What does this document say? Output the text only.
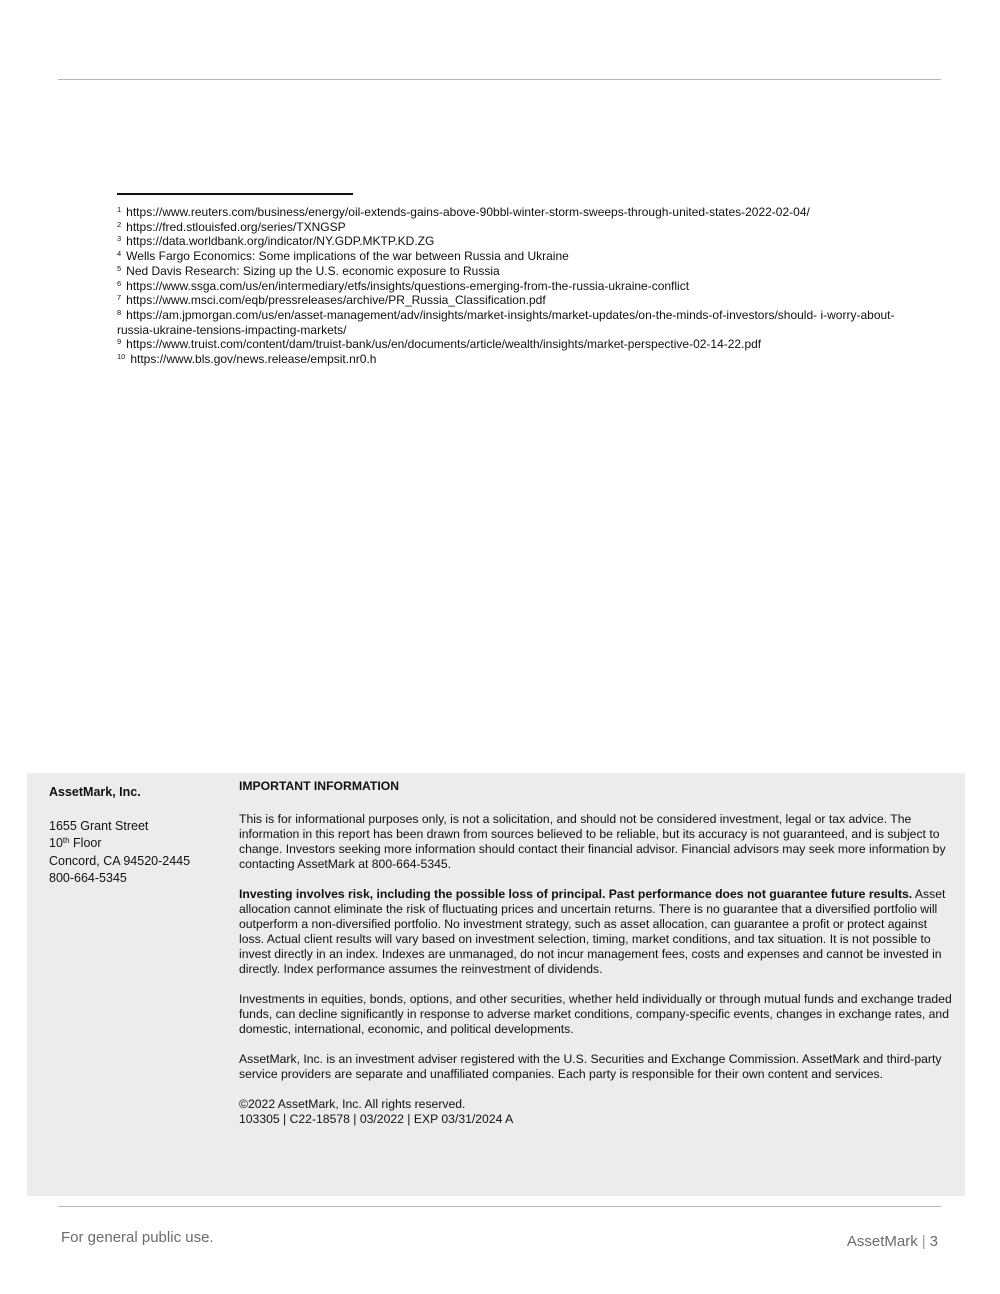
$^1$ https://www.reuters.com/business/energy/oil-extends-gains-above-90bbl-winter-storm-sweeps-through-united-states-2022-02-04/

$^2$ https://fred.stlouisfed.org/series/TXNGSP

$^3$ https://data.worldbank.org/indicator/NY.GDP.MKTP.KD.ZG

$^4$ Wells Fargo Economics: Some implications of the war between Russia and Ukraine

$^5$ Ned Davis Research: Sizing up the U.S. economic exposure to Russia

$^6$ https://www.ssga.com/us/en/intermediary/etfs/insights/questions-emerging-from-the-russia-ukraine-conflict

$^7$ https://www.msci.com/eqb/pressreleases/archive/PR_Russia_Classification.pdf

$^8$ https://am.jpmorgan.com/us/en/asset-management/adv/insights/market-insights/market-updates/on-the-minds-of-investors/should- i-worry-about-russia-ukraine-tensions-impacting-markets/

$^9$ https://www.truist.com/content/dam/truist-bank/us/en/documents/article/wealth/insights/market-perspective-02-14-22.pdf

$^{10}$ https://www.bls.gov/news.release/empsit.nr0.h

AssetMark, Inc.

1655 Grant Street

10th Floor

Concord, CA 94520-2445

800-664-5345

IMPORTANT INFORMATION

This is for informational purposes only, is not a solicitation, and should not be considered investment, legal or tax advice. The information in this report has been drawn from sources believed to be reliable, but its accuracy is not guaranteed, and is subject to change. Investors seeking more information should contact their financial advisor. Financial advisors may seek more information by contacting AssetMark at 800-664-5345.

Investing involves risk, including the possible loss of principal. Past performance does not guarantee future results. Asset allocation cannot eliminate the risk of fluctuating prices and uncertain returns. There is no guarantee that a diversified portfolio will outperform a non-diversified portfolio. No investment strategy, such as asset allocation, can guarantee a profit or protect against loss. Actual client results will vary based on investment selection, timing, market conditions, and tax situation. It is not possible to invest directly in an index. Indexes are unmanaged, do not incur management fees, costs and expenses and cannot be invested in directly. Index performance assumes the reinvestment of dividends.

Investments in equities, bonds, options, and other securities, whether held individually or through mutual funds and exchange traded funds, can decline significantly in response to adverse market conditions, company-specific events, changes in exchange rates, and domestic, international, economic, and political developments.

AssetMark, Inc. is an investment adviser registered with the U.S. Securities and Exchange Commission. AssetMark and third-party service providers are separate and unaffiliated companies. Each party is responsible for their own content and services.

©2022 AssetMark, Inc. All rights reserved.

103305 | C22-18578 | 03/2022 | EXP 03/31/2024 A

For general public use.	AssetMark | 3
